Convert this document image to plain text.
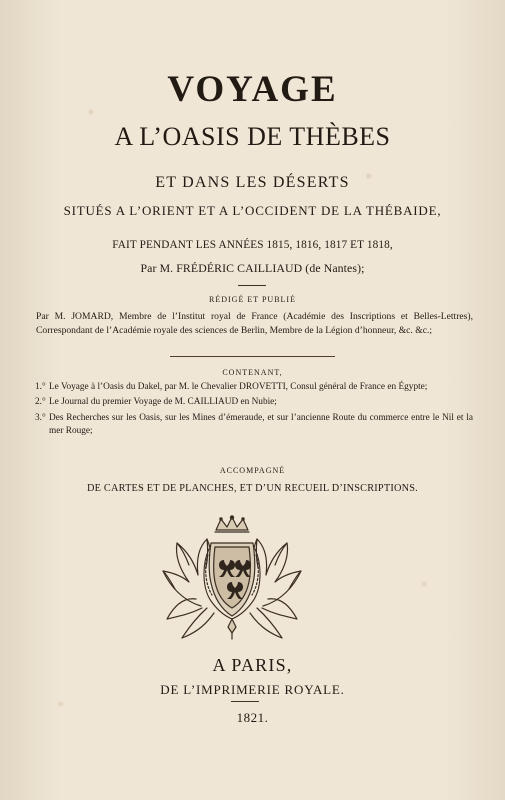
VOYAGE
A L’OASIS DE THÈBES
ET DANS LES DÉSERTS
SITUÉS A L’ORIENT ET A L’OCCIDENT DE LA THÉBAIDE,
FAIT PENDANT LES ANNÉES 1815, 1816, 1817 ET 1818,
Par M. FRÉDÉRIC CAILLIAUD (de Nantes);
RÉDIGÉ ET PUBLIÉ
Par M. JOMARD, Membre de l’Institut royal de France (Académie des Inscriptions et Belles-Lettres), Correspondant de l’Académie royale des sciences de Berlin, Membre de la Légion d’honneur, &c. &c.;
CONTENANT,
1.° Le Voyage à l’Oasis du Dakel, par M. le Chevalier DROVETTI, Consul général de France en Égypte;
2.° Le Journal du premier Voyage de M. CAILLIAUD en Nubie;
3.° Des Recherches sur les Oasis, sur les Mines d’émeraude, et sur l’ancienne Route du commerce entre le Nil et la mer Rouge;
ACCOMPAGNÉ
DE CARTES ET DE PLANCHES, ET D’UN RECUEIL D’INSCRIPTIONS.
A PARIS,
DE L’IMPRIMERIE ROYALE.
1821.
